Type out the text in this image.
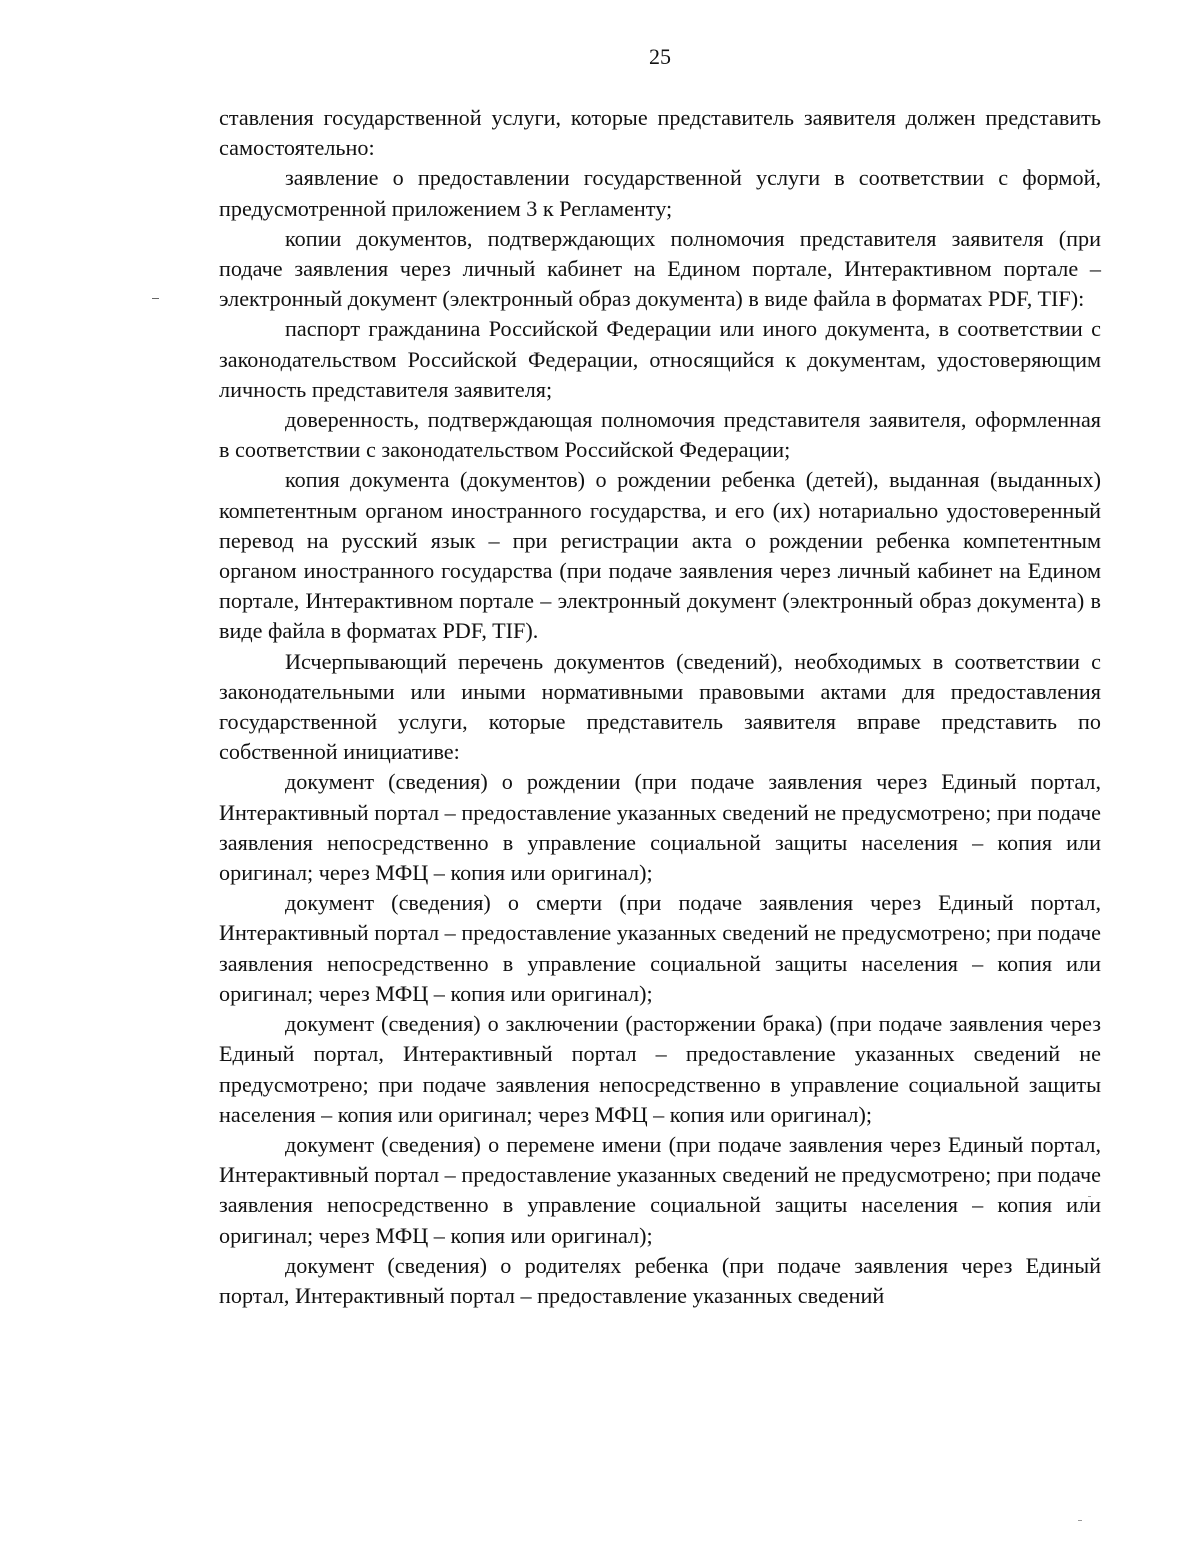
25

ставления государственной услуги, которые представитель заявителя должен представить самостоятельно:

заявление о предоставлении государственной услуги в соответствии с формой, предусмотренной приложением 3 к Регламенту;

копии документов, подтверждающих полномочия представителя заявителя (при подаче заявления через личный кабинет на Едином портале, Интерактивном портале – электронный документ (электронный образ документа) в виде файла в форматах PDF, TIF):

паспорт гражданина Российской Федерации или иного документа, в соответствии с законодательством Российской Федерации, относящийся к документам, удостоверяющим личность представителя заявителя;

доверенность, подтверждающая полномочия представителя заявителя, оформленная в соответствии с законодательством Российской Федерации;

копия документа (документов) о рождении ребенка (детей), выданная (выданных) компетентным органом иностранного государства, и его (их) нотариально удостоверенный перевод на русский язык – при регистрации акта о рождении ребенка компетентным органом иностранного государства (при подаче заявления через личный кабинет на Едином портале, Интерактивном портале – электронный документ (электронный образ документа) в виде файла в форматах PDF, TIF).

Исчерпывающий перечень документов (сведений), необходимых в соответствии с законодательными или иными нормативными правовыми актами для предоставления государственной услуги, которые представитель заявителя вправе представить по собственной инициативе:

документ (сведения) о рождении (при подаче заявления через Единый портал, Интерактивный портал – предоставление указанных сведений не предусмотрено; при подаче заявления непосредственно в управление социальной защиты населения – копия или оригинал; через МФЦ – копия или оригинал);

документ (сведения) о смерти (при подаче заявления через Единый портал, Интерактивный портал – предоставление указанных сведений не предусмотрено; при подаче заявления непосредственно в управление социальной защиты населения – копия или оригинал; через МФЦ – копия или оригинал);

документ (сведения) о заключении (расторжении брака) (при подаче заявления через Единый портал, Интерактивный портал – предоставление указанных сведений не предусмотрено; при подаче заявления непосредственно в управление социальной защиты населения – копия или оригинал; через МФЦ – копия или оригинал);

документ (сведения) о перемене имени (при подаче заявления через Единый портал, Интерактивный портал – предоставление указанных сведений не предусмотрено; при подаче заявления непосредственно в управление социальной защиты населения – копия или оригинал; через МФЦ – копия или оригинал);

документ (сведения) о родителях ребенка (при подаче заявления через Единый портал, Интерактивный портал – предоставление указанных сведений
